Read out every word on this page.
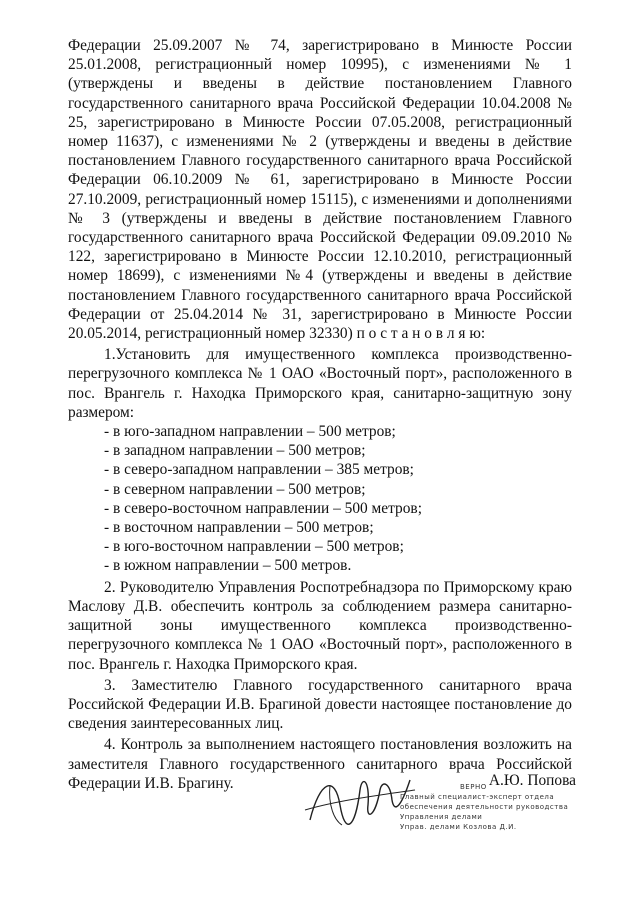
Федерации 25.09.2007 № 74, зарегистрировано в Минюсте России 25.01.2008, регистрационный номер 10995), с изменениями № 1 (утверждены и введены в действие постановлением Главного государственного санитарного врача Российской Федерации 10.04.2008 № 25, зарегистрировано в Минюсте России 07.05.2008, регистрационный номер 11637), с изменениями № 2 (утверждены и введены в действие постановлением Главного государственного санитарного врача Российской Федерации 06.10.2009 № 61, зарегистрировано в Минюсте России 27.10.2009, регистрационный номер 15115), с изменениями и дополнениями № 3 (утверждены и введены в действие постановлением Главного государственного санитарного врача Российской Федерации 09.09.2010 № 122, зарегистрировано в Минюсте России 12.10.2010, регистрационный номер 18699), с изменениями №4 (утверждены и введены в действие постановлением Главного государственного санитарного врача Российской Федерации от 25.04.2014 № 31, зарегистрировано в Минюсте России 20.05.2014, регистрационный номер 32330) п о с т а н о в л я ю:

1.Установить для имущественного комплекса производственно-перегрузочного комплекса № 1 ОАО «Восточный порт», расположенного в пос. Врангель г. Находка Приморского края, санитарно-защитную зону размером:

- в юго-западном направлении – 500 метров;
- в западном направлении – 500 метров;
- в северо-западном направлении – 385 метров;
- в северном направлении – 500 метров;
- в северо-восточном направлении – 500 метров;
- в восточном направлении – 500 метров;
- в юго-восточном направлении – 500 метров;
- в южном направлении – 500 метров.

2. Руководителю Управления Роспотребнадзора по Приморскому краю Маслову Д.В. обеспечить контроль за соблюдением размера санитарно-защитной зоны имущественного комплекса производственно-перегрузочного комплекса № 1 ОАО «Восточный порт», расположенного в пос. Врангель г. Находка Приморского края.

3. Заместителю Главного государственного санитарного врача Российской Федерации И.В. Брагиной довести настоящее постановление до сведения заинтересованных лиц.

4. Контроль за выполнением настоящего постановления возложить на заместителя Главного государственного санитарного врача Российской Федерации И.В. Брагину.	А.Ю. Попова
ВЕРНО
Главный специалист-эксперт отдела
обеспечения деятельности руководства
Управления делами
Управ. делами Козлова Д.И.
